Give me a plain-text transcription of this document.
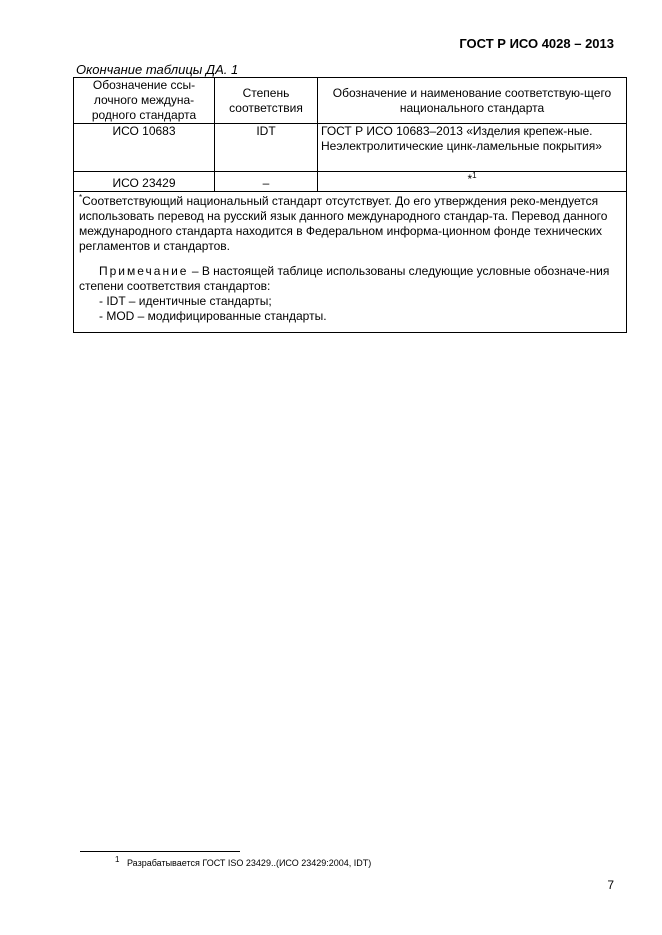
ГОСТ Р ИСО 4028 – 2013
Окончание таблицы ДА. 1
Обозначение ссы-лочного междуна-родного стандарта	Степень соответствия	Обозначение и наименование соответствую-щего национального стандарта
ИСО 10683	IDT	ГОСТ Р ИСО 10683–2013 «Изделия крепеж-ные. Неэлектролитические цинк-ламельные покрытия»
ИСО 23429	–	*$^1$

*Соответствующий национальный стандарт отсутствует. До его утверждения реко-мендуется использовать перевод на русский язык данного международного стандар-та. Перевод данного международного стандарта находится в Федеральном информа-ционном фонде технических регламентов и стандартов.

Примечание – В настоящей таблице использованы следующие условные обозначе-ния степени соответствия стандартов:

- IDT – идентичные стандарты;
- MOD – модифицированные стандарты.		
1 Разрабатывается ГОСТ ISO 23429..(ИСО 23429:2004, IDT)
7
